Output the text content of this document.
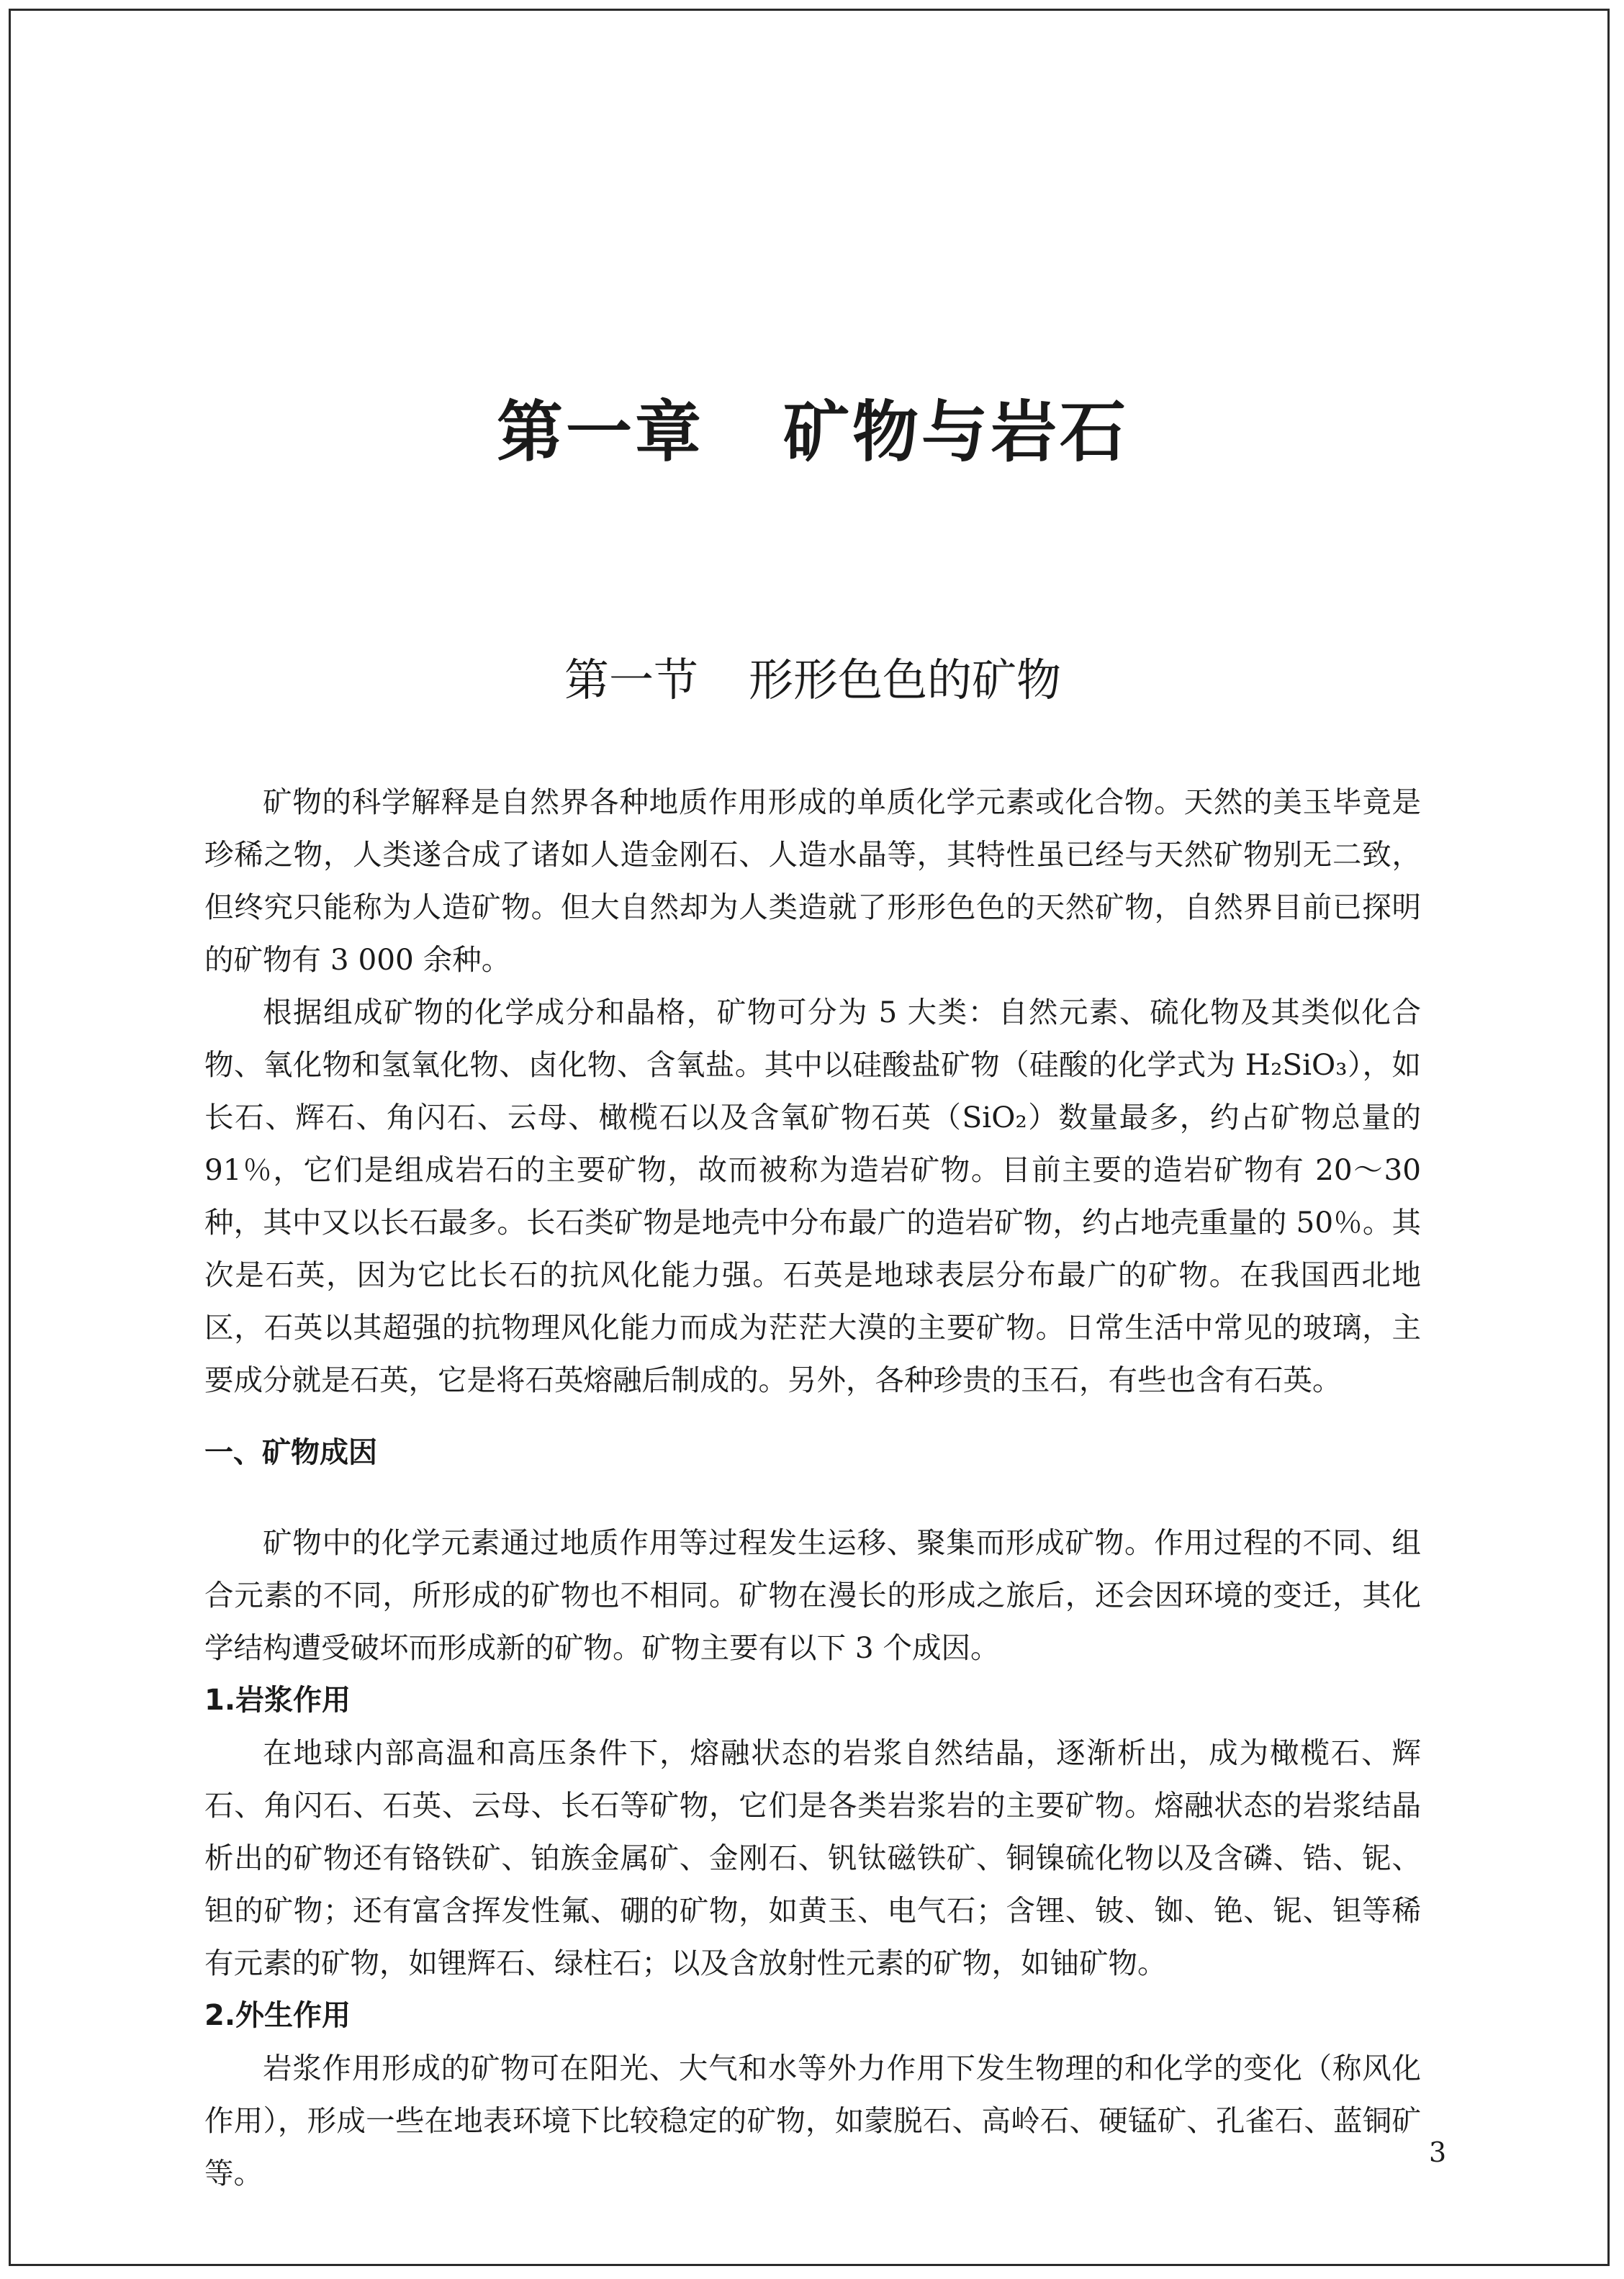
第一章 矿物与岩石
第一节 形形色色的矿物

矿物的科学解释是自然界各种地质作用形成的单质化学元素或化合物。天然的美玉毕竟是珍稀之物，人类遂合成了诸如人造金刚石、人造水晶等，其特性虽已经与天然矿物别无二致，但终究只能称为人造矿物。但大自然却为人类造就了形形色色的天然矿物，自然界目前已探明的矿物有 3 000 余种。

根据组成矿物的化学成分和晶格，矿物可分为 5 大类：自然元素、硫化物及其类似化合物、氧化物和氢氧化物、卤化物、含氧盐。其中以硅酸盐矿物（硅酸的化学式为 H₂SiO₃），如长石、辉石、角闪石、云母、橄榄石以及含氧矿物石英（SiO₂）数量最多，约占矿物总量的 91％，它们是组成岩石的主要矿物，故而被称为造岩矿物。目前主要的造岩矿物有 20～30 种，其中又以长石最多。长石类矿物是地壳中分布最广的造岩矿物，约占地壳重量的 50％。其次是石英，因为它比长石的抗风化能力强。石英是地球表层分布最广的矿物。在我国西北地区，石英以其超强的抗物理风化能力而成为茫茫大漠的主要矿物。日常生活中常见的玻璃，主要成分就是石英，它是将石英熔融后制成的。另外，各种珍贵的玉石，有些也含有石英。

一、矿物成因

矿物中的化学元素通过地质作用等过程发生运移、聚集而形成矿物。作用过程的不同、组合元素的不同，所形成的矿物也不相同。矿物在漫长的形成之旅后，还会因环境的变迁，其化学结构遭受破坏而形成新的矿物。矿物主要有以下 3 个成因。

1.岩浆作用

在地球内部高温和高压条件下，熔融状态的岩浆自然结晶，逐渐析出，成为橄榄石、辉石、角闪石、石英、云母、长石等矿物，它们是各类岩浆岩的主要矿物。熔融状态的岩浆结晶析出的矿物还有铬铁矿、铂族金属矿、金刚石、钒钛磁铁矿、铜镍硫化物以及含磷、锆、铌、钽的矿物；还有富含挥发性氟、硼的矿物，如黄玉、电气石；含锂、铍、铷、铯、铌、钽等稀有元素的矿物，如锂辉石、绿柱石；以及含放射性元素的矿物，如铀矿物。

2.外生作用

岩浆作用形成的矿物可在阳光、大气和水等外力作用下发生物理的和化学的变化（称风化作用），形成一些在地表环境下比较稳定的矿物，如蒙脱石、高岭石、硬锰矿、孔雀石、蓝铜矿等。

3
